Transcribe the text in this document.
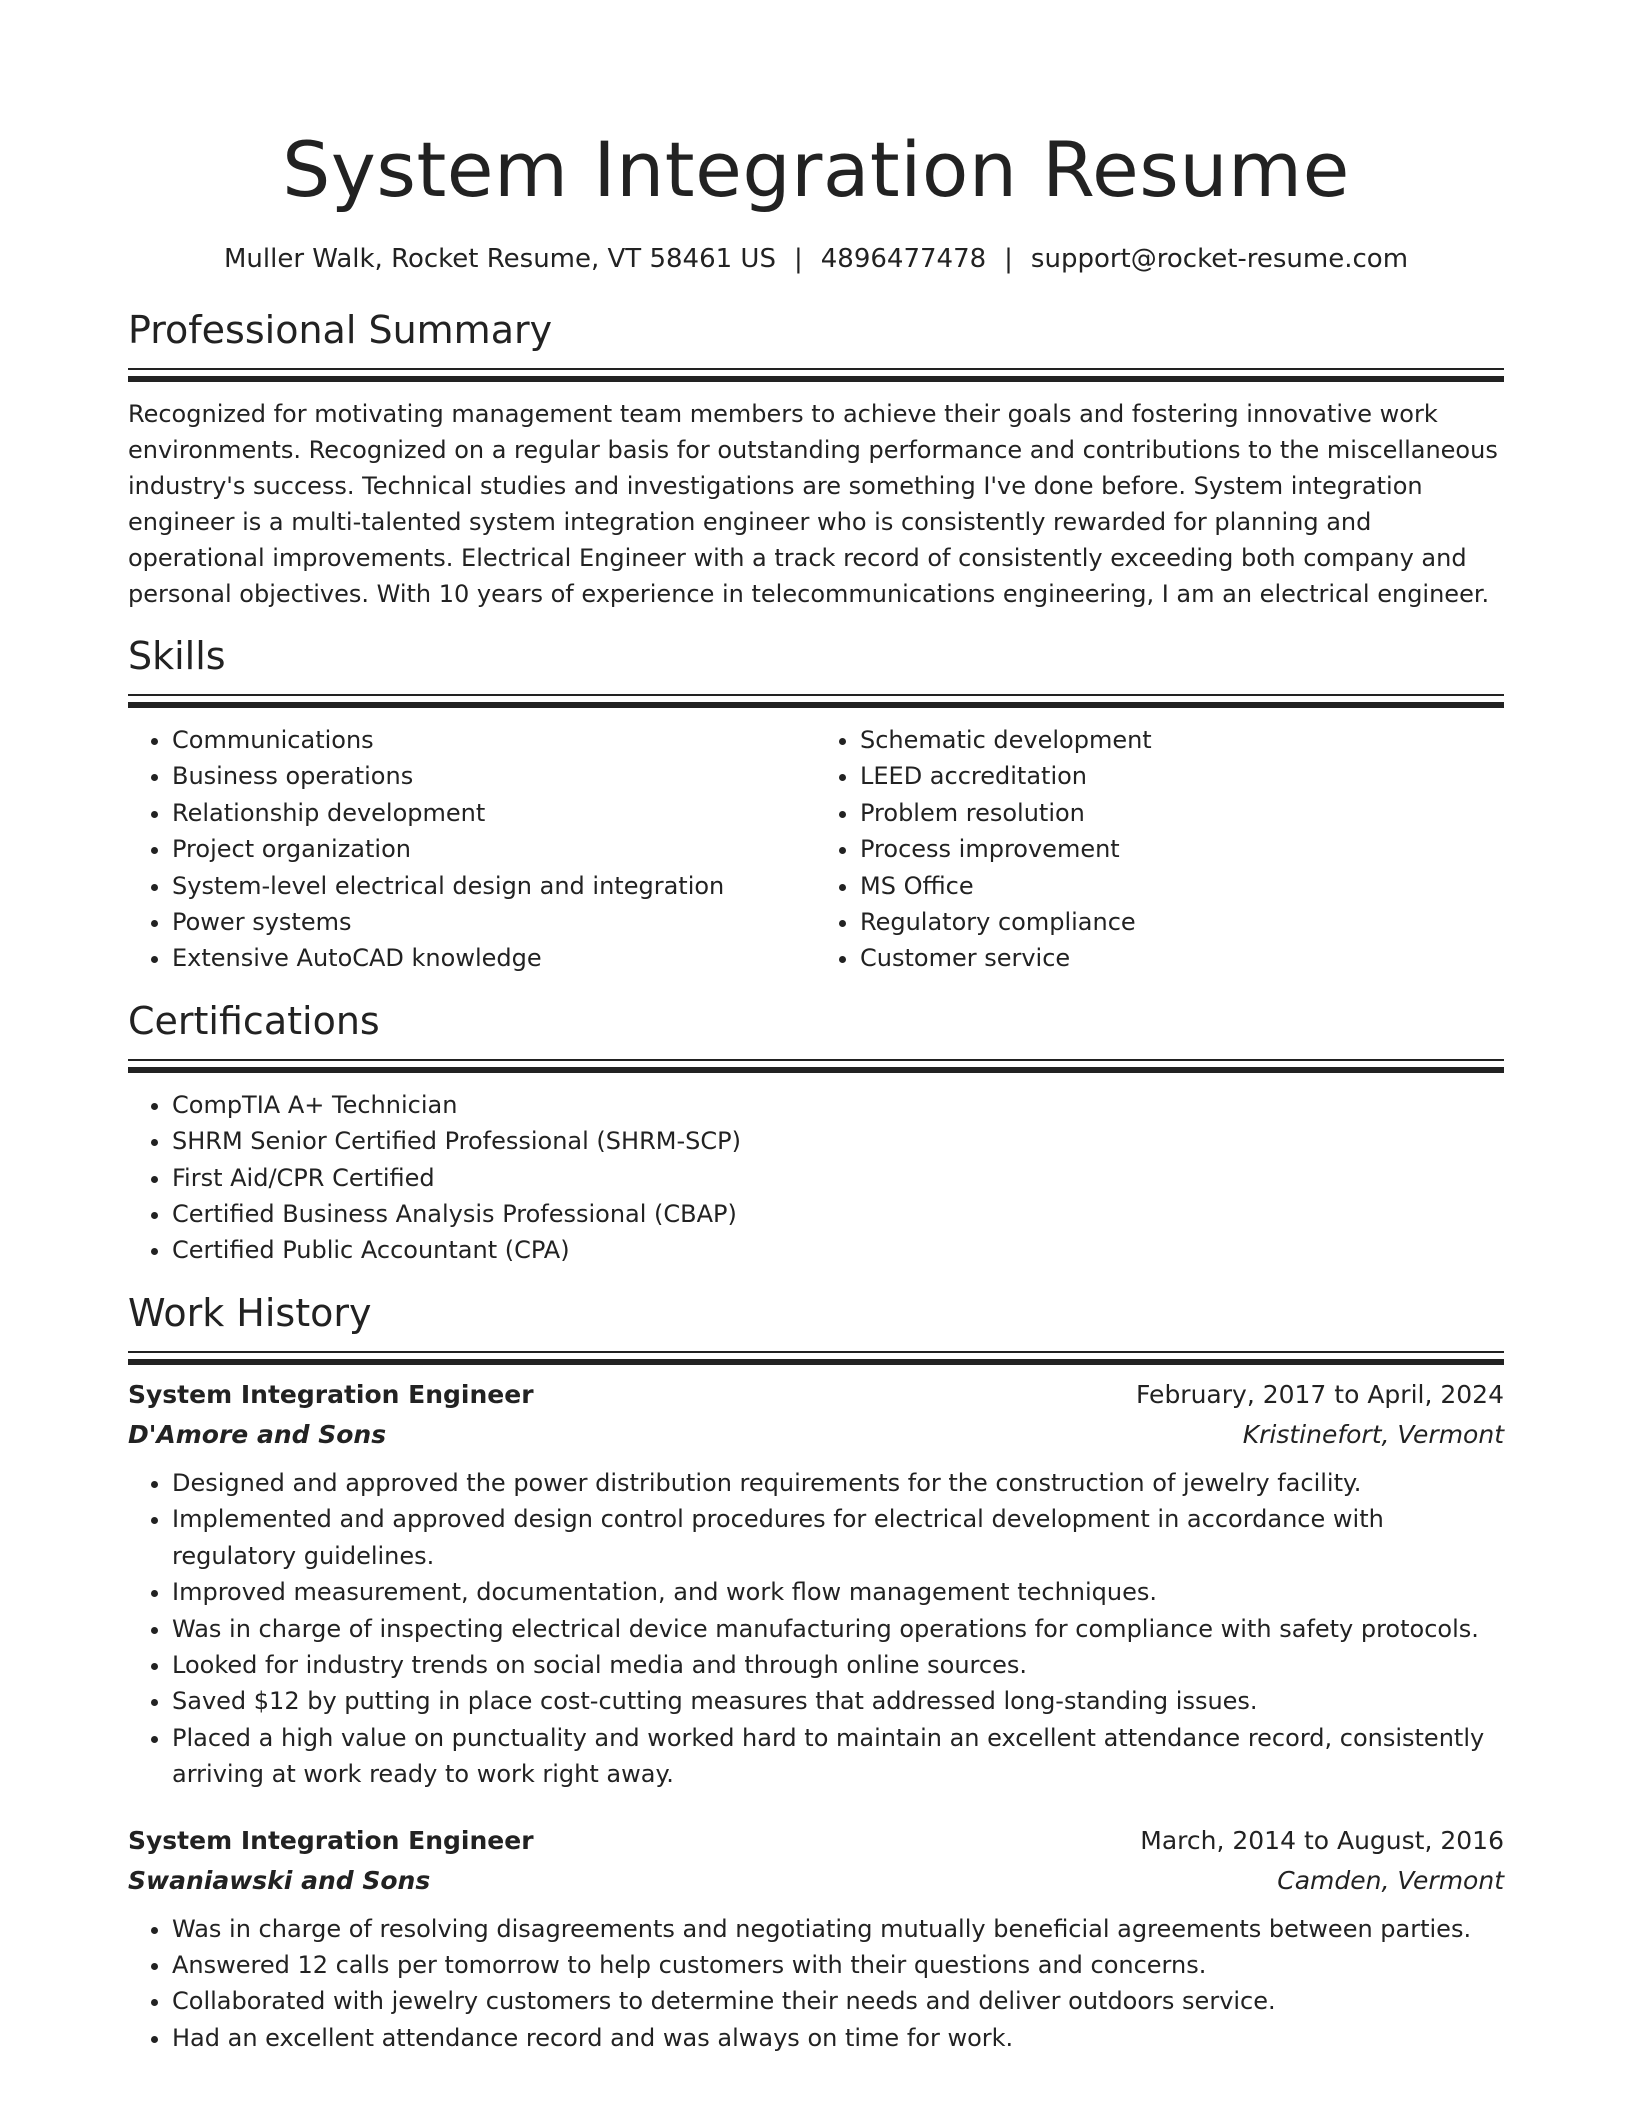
System Integration Resume
Muller Walk, Rocket Resume, VT 58461 US | 4896477478 | support@rocket-resume.com
Professional Summary

Recognized for motivating management team members to achieve their goals and fostering innovative work environments. Recognized on a regular basis for outstanding performance and contributions to the miscellaneous industry's success. Technical studies and investigations are something I've done before. System integration engineer is a multi-talented system integration engineer who is consistently rewarded for planning and operational improvements. Electrical Engineer with a track record of consistently exceeding both company and personal objectives. With 10 years of experience in telecommunications engineering, I am an electrical engineer.

Skills
• Communications
• Business operations
• Relationship development
• Project organization
• System-level electrical design and integration
• Power systems
• Extensive AutoCAD knowledge
• Schematic development
• LEED accreditation
• Problem resolution
• Process improvement
• MS Office
• Regulatory compliance
• Customer service
Certifications
• CompTIA A+ Technician
• SHRM Senior Certified Professional (SHRM-SCP)
• First Aid/CPR Certified
• Certified Business Analysis Professional (CBAP)
• Certified Public Accountant (CPA)
Work History
System Integration Engineer	February, 2017 to April, 2024
D'Amore and Sons	Kristinefort, Vermont
• Designed and approved the power distribution requirements for the construction of jewelry facility.
• Implemented and approved design control procedures for electrical development in accordance with regulatory guidelines.
• Improved measurement, documentation, and work flow management techniques.
• Was in charge of inspecting electrical device manufacturing operations for compliance with safety protocols.
• Looked for industry trends on social media and through online sources.
• Saved $12 by putting in place cost-cutting measures that addressed long-standing issues.
• Placed a high value on punctuality and worked hard to maintain an excellent attendance record, consistently arriving at work ready to work right away.
System Integration Engineer	March, 2014 to August, 2016
Swaniawski and Sons	Camden, Vermont
• Was in charge of resolving disagreements and negotiating mutually beneficial agreements between parties.
• Answered 12 calls per tomorrow to help customers with their questions and concerns.
• Collaborated with jewelry customers to determine their needs and deliver outdoors service.
• Had an excellent attendance record and was always on time for work.
